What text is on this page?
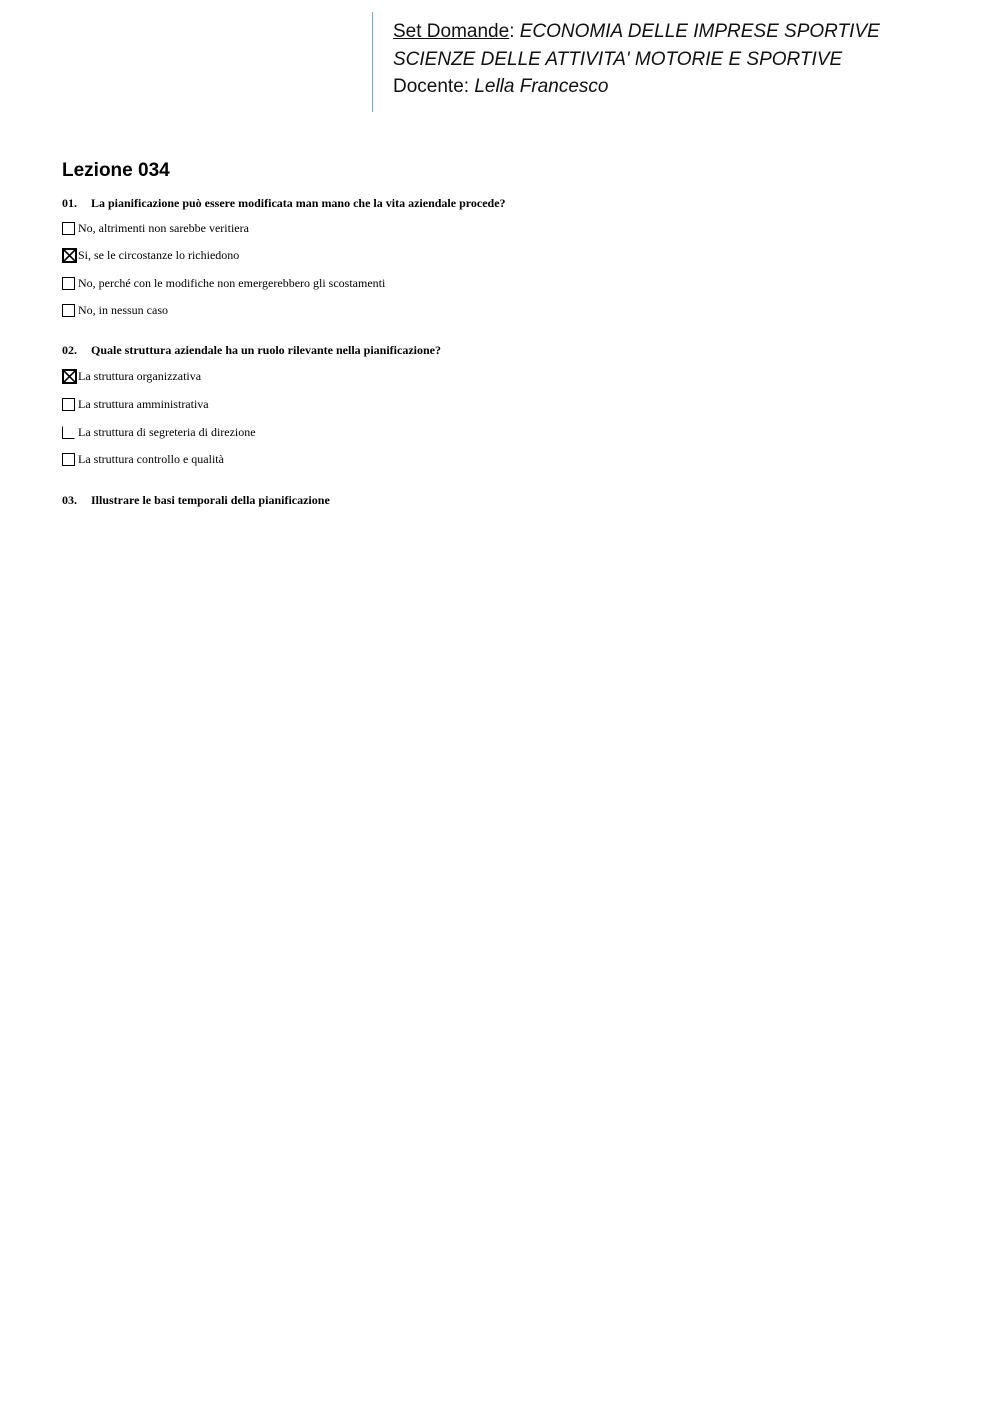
Set Domande: ECONOMIA DELLE IMPRESE SPORTIVE
SCIENZE DELLE ATTIVITA' MOTORIE E SPORTIVE
Docente: Lella Francesco
Lezione 034
01. La pianificazione può essere modificata man mano che la vita aziendale procede?
No, altrimenti non sarebbe veritiera
Si, se le circostanze lo richiedono
No, perché con le modifiche non emergerebbero gli scostamenti
No, in nessun caso
02. Quale struttura aziendale ha un ruolo rilevante nella pianificazione?
La struttura organizzativa
La struttura amministrativa
La struttura di segreteria di direzione
La struttura controllo e qualità
03. Illustrare le basi temporali della pianificazione
